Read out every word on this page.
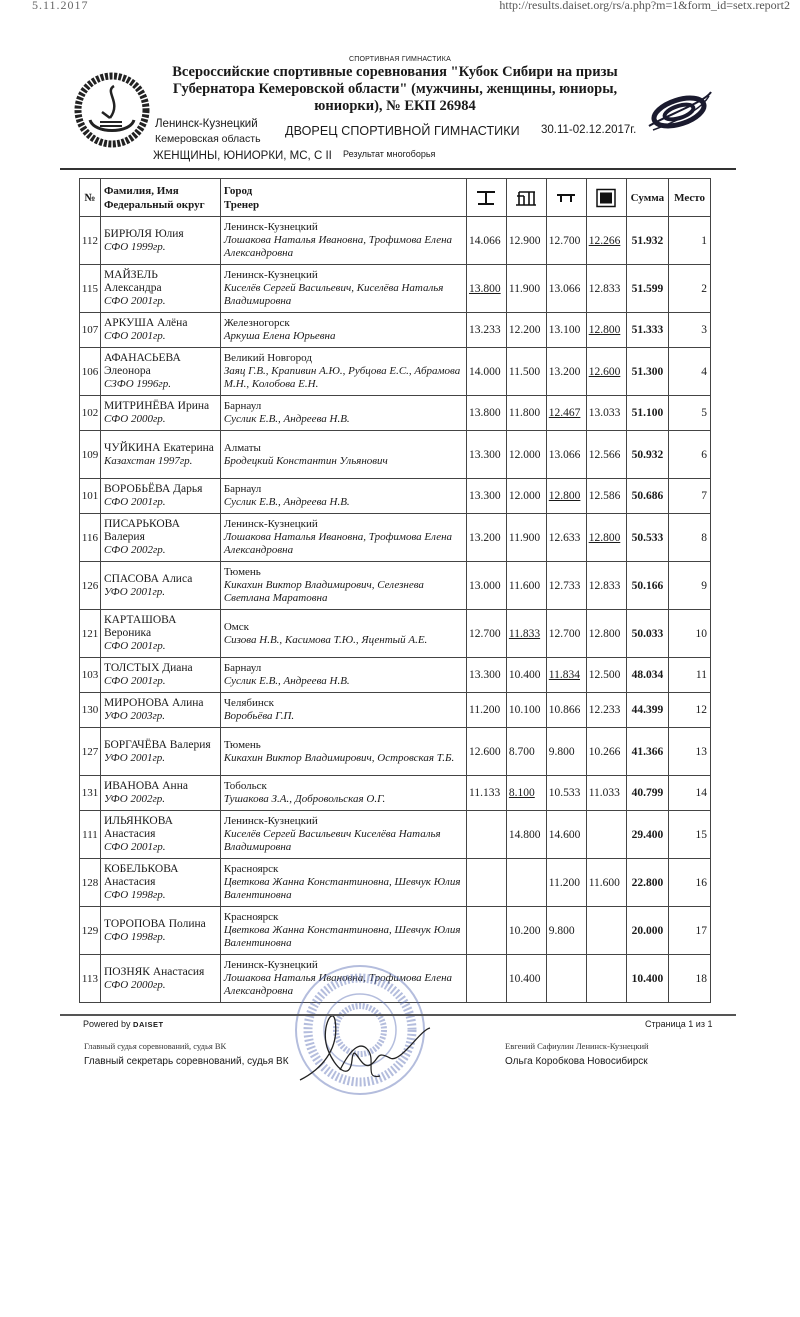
5.11.2017	http://results.daiset.org/rs/a.php?m=1&form_id=setx.report2
СПОРТИВНАЯ ГИМНАСТИКА
Всероссийские спортивные соревнования "Кубок Сибири на призы
Губернатора Кемеровской области" (мужчины, женщины, юниоры,
юниорки), № ЕКП 26984
Ленинск-Кузнецкий
Кемеровская область
ДВОРЕЦ СПОРТИВНОЙ ГИМНАСТИКИ 30.11-02.12.2017г.
ЖЕНЩИНЫ, ЮНИОРКИ, МС, С II Результат многоборья
№	
Фамилия, Имя
Федеральный округ

Город
Тренер

	Сумма	Место
112	
БИРЮЛЯ Юлия
СФО 1999гр.

Ленинск-Кузнецкий
Лошакова Наталья Ивановна, Трофимова Елена Александровна
	14.066	12.900	12.700	12.266	51.932	1
115	
МАЙЗЕЛЬ Александра
СФО 2001гр.

Ленинск-Кузнецкий
Киселёв Сергей Васильевич, Киселёва Наталья Владимировна
	13.800	11.900	13.066	12.833	51.599	2
107	
АРКУША Алёна
СФО 2001гр.

Железногорск
Аркуша Елена Юрьевна	13.233	12.200	13.100	12.800	51.333	3
106	
АФАНАСЬЕВА Элеонора
СЗФО 1996гр.

Великий Новгород
Заяц Г.В., Крапивин А.Ю., Рубцова Е.С., Абрамова М.Н., Колобова Е.Н.
	14.000	11.500	13.200	12.600	51.300	4
102	
МИТРИНЁВА Ирина
СФО 2000гр.

Барнаул
Суслик Е.В., Андреева Н.В.	13.800	11.800	12.467	13.033	51.100	5
109	
ЧУЙКИНА Екатерина
Казахстан 1997гр.

Алматы
Бродецкий Константин Ульянович	13.300	12.000	13.066	12.566	50.932	6
101	
ВОРОБЬЁВА Дарья
СФО 2001гр.

Барнаул
Суслик Е.В., Андреева Н.В.	13.300	12.000	12.800	12.586	50.686	7
116	
ПИСАРЬКОВА Валерия
СФО 2002гр.

Ленинск-Кузнецкий
Лошакова Наталья Ивановна, Трофимова Елена Александровна
	13.200	11.900	12.633	12.800	50.533	8
126	
СПАСОВА Алиса
УФО 2001гр.

Тюмень
Кикахин Виктор Владимирович, Селезнева Светлана Маратовна
	13.000	11.600	12.733	12.833	50.166	9
121	
КАРТАШОВА Вероника
СФО 2001гр.

Омск
Сизова Н.В., Касимова Т.Ю., Яцентый А.Е.	12.700	11.833	12.700	12.800	50.033	10
103	
ТОЛСТЫХ Диана
СФО 2001гр.

Барнаул
Суслик Е.В., Андреева Н.В.	13.300	10.400	11.834	12.500	48.034	11
130	
МИРОНОВА Алина
УФО 2003гр.

Челябинск
Воробьёва Г.П.	11.200	10.100	10.866	12.233	44.399	12
127	
БОРГАЧЁВА Валерия
УФО 2001гр.

Тюмень
Кикахин Виктор Владимирович, Островская Т.Б.	12.600	8.700	9.800	10.266	41.366	13
131	
ИВАНОВА Анна
УФО 2002гр.

Тобольск
Тушакова З.А., Добровольская О.Г.	11.133	8.100	10.533	11.033	40.799	14
111	
ИЛЬЯНКОВА Анастасия
СФО 2001гр.

Ленинск-Кузнецкий
Киселёв Сергей Васильевич Киселёва Наталья Владимировна
		14.800	14.600		29.400	15
128	
КОБЕЛЬКОВА Анастасия
СФО 1998гр.

Красноярск
Цветкова Жанна Константиновна, Шевчук Юлия Валентиновна
			11.200	11.600	22.800	16
129	
ТОРОПОВА Полина
СФО 1998гр.

Красноярск
Цветкова Жанна Константиновна, Шевчук Юлия Валентиновна
		10.200	9.800		20.000	17
113	
ПОЗНЯК Анастасия
СФО 2000гр.

Ленинск-Кузнецкий
Лошакова Наталья Ивановна, Трофимова Елена Александровна
		10.400			10.400	18
Powered by DAISET	Страница 1 из 1
Главный судья соревнований, судья ВК
Главный секретарь соревнований, судья ВК
Евгений Сафиулин Ленинск-Кузнецкий
Ольга Коробкова Новосибирск
